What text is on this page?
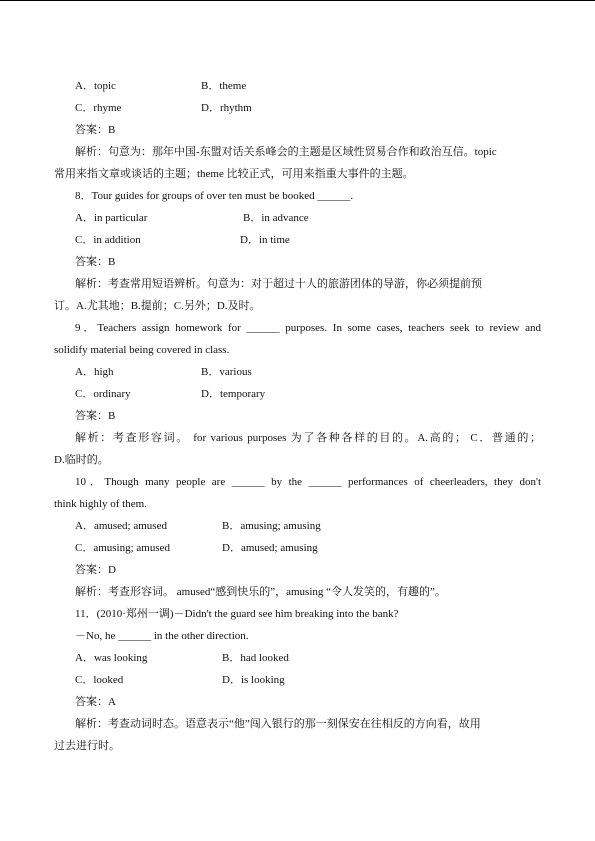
A．topic	B．theme
C．rhyme	D．rhythm
答案：B
解析：句意为：那年中国-东盟对话关系峰会的主题是区域性贸易合作和政治互信。topic
常用来指文章或谈话的主题；theme 比较正式，可用来指重大事件的主题。
8．Tour guides for groups of over ten must be booked ______.
A．in particular	B．in advance
C．in addition	D．in time
答案：B
解析：考查常用短语辨析。句意为：对于超过十人的旅游团体的导游，你必须提前预
订。A.尤其地；B.提前；C.另外；D.及时。
9．Teachers assign homework for ______ purposes. In some cases, teachers seek to review and
solidify material being covered in class.
A．high	B．various
C．ordinary	D．temporary
答案：B
解析：考查形容词。 for various purposes 为了各种各样的目的。A.高的； C．普通的；
D.临时的。
10．Though many people are ______ by the ______ performances of cheerleaders, they don't
think highly of them.
A．amused; amused	B．amusing; amusing
C．amusing; amused	D．amused; amusing
答案：D
解析：考查形容词。 amused“感到快乐的”，amusing “令人发笑的，有趣的”。
11．(2010·郑州一调)－Didn't the guard see him breaking into the bank?
－No, he ______ in the other direction.
A．was looking	B．had looked
C．looked	D．is looking
答案：A
解析：考查动词时态。语意表示“他”闯入银行的那一刻保安在往相反的方向看，故用
过去进行时。
